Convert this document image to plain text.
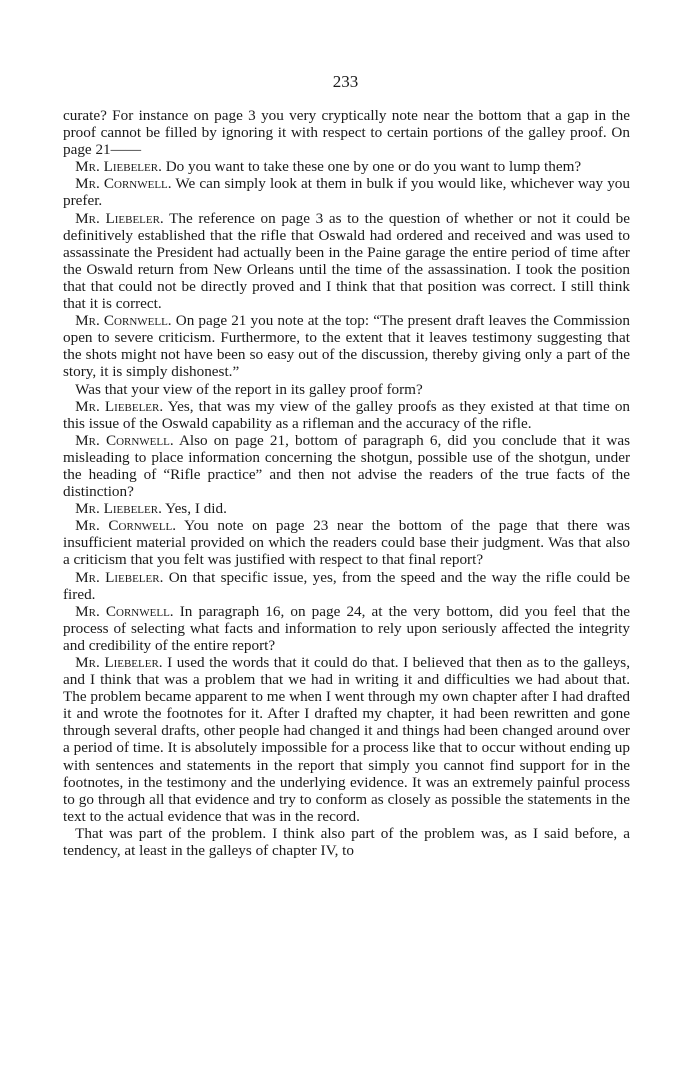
233

curate? For instance on page 3 you very cryptically note near the bottom that a gap in the proof cannot be filled by ignoring it with respect to certain portions of the galley proof. On page 21——

Mr. Liebeler. Do you want to take these one by one or do you want to lump them?

Mr. Cornwell. We can simply look at them in bulk if you would like, whichever way you prefer.

Mr. Liebeler. The reference on page 3 as to the question of whether or not it could be definitively established that the rifle that Oswald had ordered and received and was used to assassinate the President had actually been in the Paine garage the entire period of time after the Oswald return from New Orleans until the time of the assassination. I took the position that that could not be directly proved and I think that that position was correct. I still think that it is correct.

Mr. Cornwell. On page 21 you note at the top: “The present draft leaves the Commission open to severe criticism. Furthermore, to the extent that it leaves testimony suggesting that the shots might not have been so easy out of the discussion, thereby giving only a part of the story, it is simply dishonest.”

Was that your view of the report in its galley proof form?

Mr. Liebeler. Yes, that was my view of the galley proofs as they existed at that time on this issue of the Oswald capability as a rifleman and the accuracy of the rifle.

Mr. Cornwell. Also on page 21, bottom of paragraph 6, did you conclude that it was misleading to place information concerning the shotgun, possible use of the shotgun, under the heading of “Rifle practice” and then not advise the readers of the true facts of the distinction?

Mr. Liebeler. Yes, I did.

Mr. Cornwell. You note on page 23 near the bottom of the page that there was insufficient material provided on which the readers could base their judgment. Was that also a criticism that you felt was justified with respect to that final report?

Mr. Liebeler. On that specific issue, yes, from the speed and the way the rifle could be fired.

Mr. Cornwell. In paragraph 16, on page 24, at the very bottom, did you feel that the process of selecting what facts and information to rely upon seriously affected the integrity and credibility of the entire report?

Mr. Liebeler. I used the words that it could do that. I believed that then as to the galleys, and I think that was a problem that we had in writing it and difficulties we had about that. The problem became apparent to me when I went through my own chapter after I had drafted it and wrote the footnotes for it. After I drafted my chapter, it had been rewritten and gone through several drafts, other people had changed it and things had been changed around over a period of time. It is absolutely impossible for a process like that to occur without ending up with sentences and statements in the report that simply you cannot find support for in the footnotes, in the testimony and the underlying evidence. It was an extremely painful process to go through all that evidence and try to conform as closely as possible the statements in the text to the actual evidence that was in the record.

That was part of the problem. I think also part of the problem was, as I said before, a tendency, at least in the galleys of chapter IV, to
